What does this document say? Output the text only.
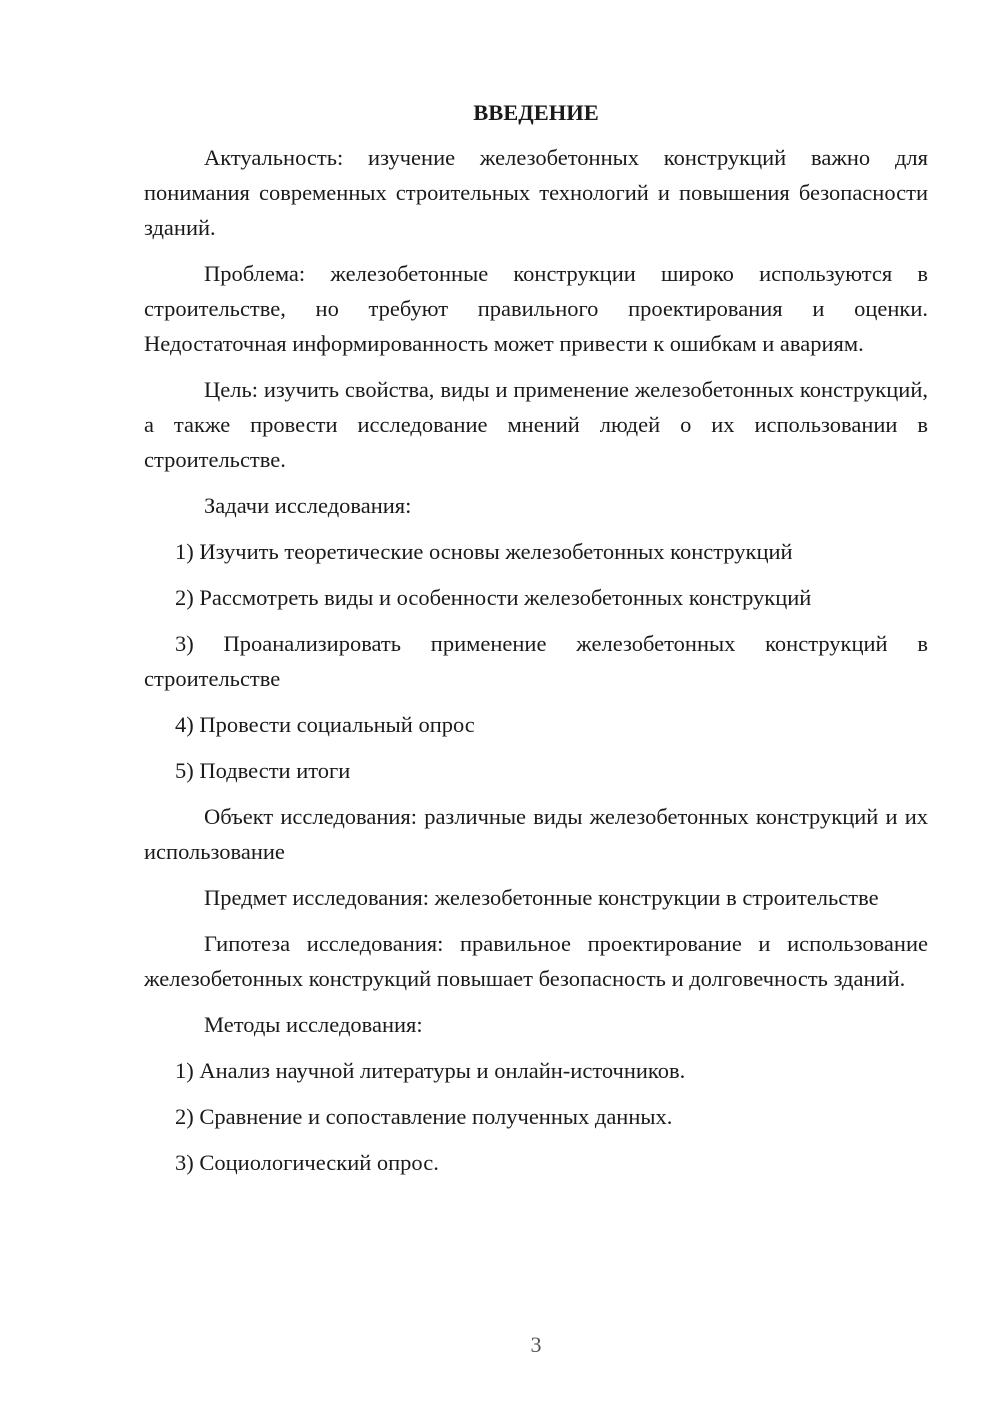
ВВЕДЕНИЕ

Актуальность: изучение железобетонных конструкций важно для понимания современных строительных технологий и повышения безопасности зданий.

Проблема: железобетонные конструкции широко используются в строительстве, но требуют правильного проектирования и оценки. Недостаточная информированность может привести к ошибкам и авариям.

Цель: изучить свойства, виды и применение железобетонных конструкций, а также провести исследование мнений людей о их использовании в строительстве.

Задачи исследования:

1) Изучить теоретические основы железобетонных конструкций

2) Рассмотреть виды и особенности железобетонных конструкций

3) Проанализировать применение железобетонных конструкций в строительстве

4) Провести социальный опрос

5) Подвести итоги

Объект исследования: различные виды железобетонных конструкций и их использование

Предмет исследования: железобетонные конструкции в строительстве

Гипотеза исследования: правильное проектирование и использование железобетонных конструкций повышает безопасность и долговечность зданий.

Методы исследования:

1) Анализ научной литературы и онлайн-источников.

2) Сравнение и сопоставление полученных данных.

3) Социологический опрос.

3
